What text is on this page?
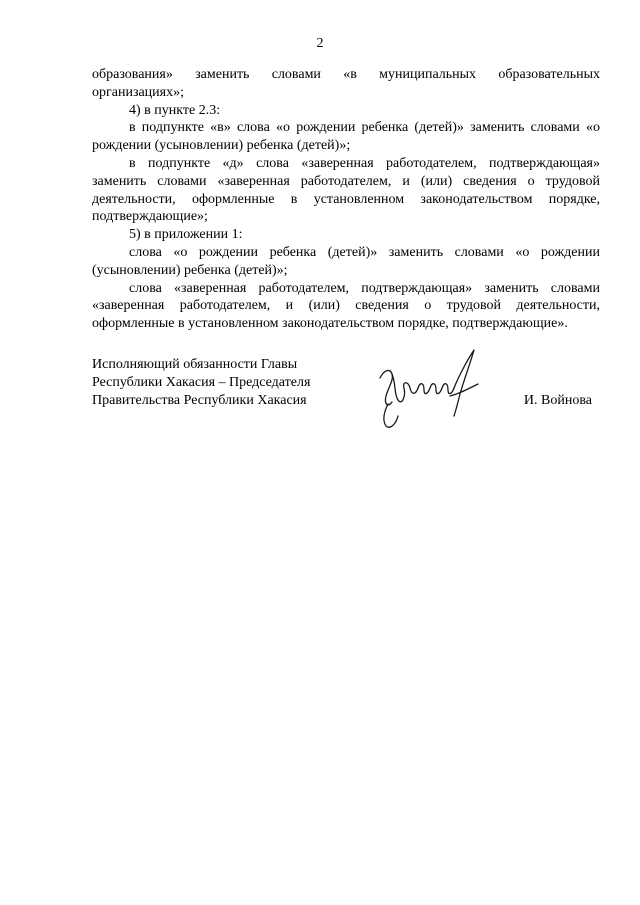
2

образования» заменить словами «в муниципальных образовательных организациях»;

4) в пункте 2.3:

в подпункте «в» слова «о рождении ребенка (детей)» заменить словами «о рождении (усыновлении) ребенка (детей)»;

в подпункте «д» слова «заверенная работодателем, подтверждающая» заменить словами «заверенная работодателем, и (или) сведения о трудовой деятельности, оформленные в установленном законодательством порядке, подтверждающие»;

5) в приложении 1:

слова «о рождении ребенка (детей)» заменить словами «о рождении (усыновлении) ребенка (детей)»;

слова «заверенная работодателем, подтверждающая» заменить словами «заверенная работодателем, и (или) сведения о трудовой деятельности, оформленные в установленном законодательством порядке, подтверждающие».

Исполняющий обязанности Главы
Республики Хакасия – Председателя
Правительства Республики Хакасия	И. Войнова
